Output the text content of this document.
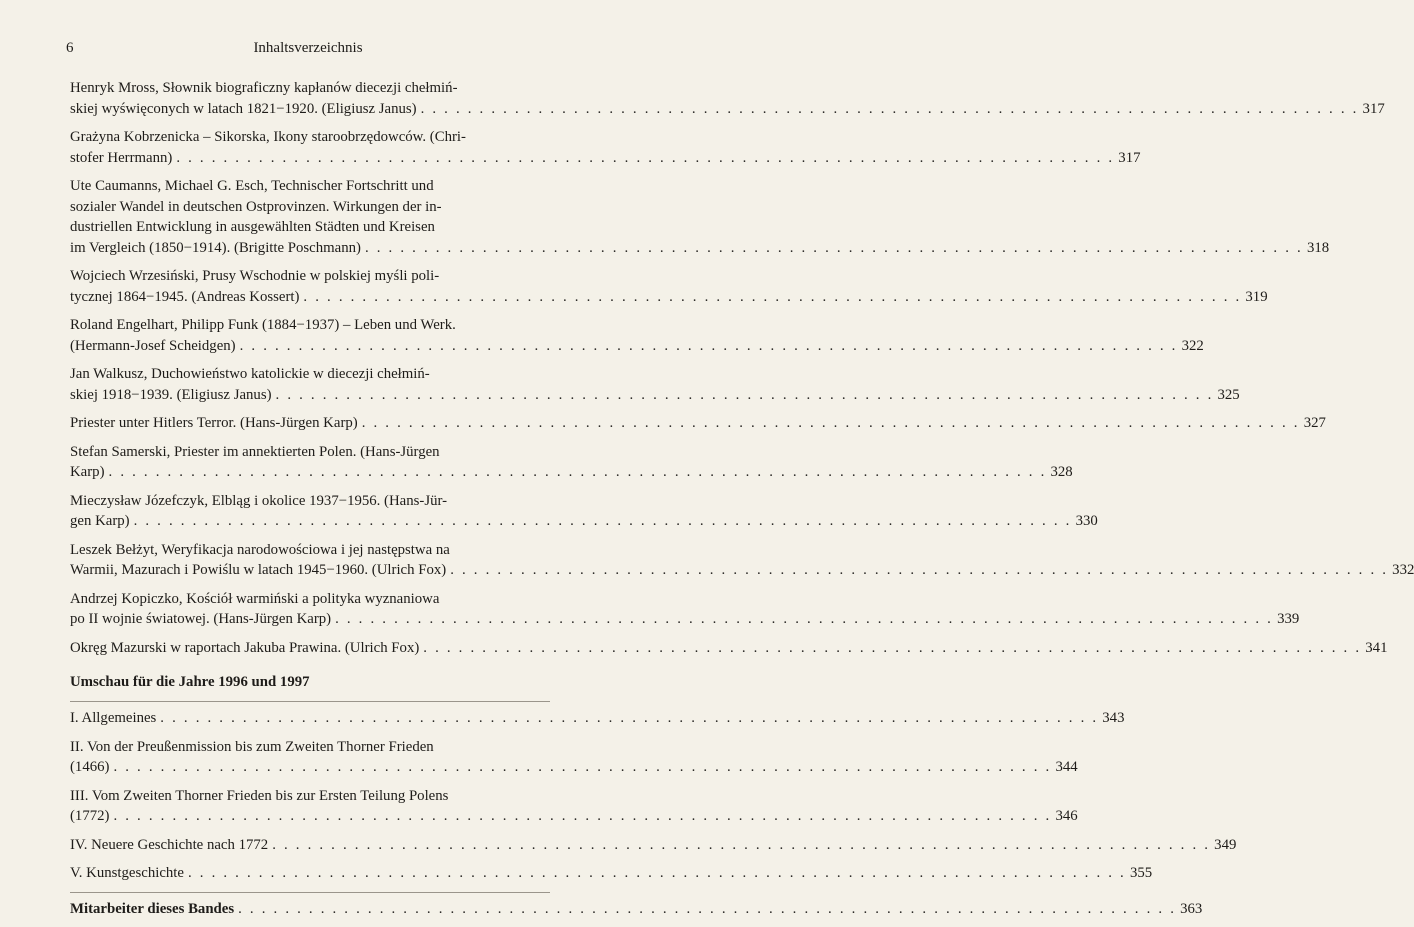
6	Inhaltsverzeichnis
Henryk Mross, Słownik biograficzny kapłanów diecezji chełmiń-
skiej wyświęconych w latach 1821−1920. (Eligiusz Janus) . . . . . . . . . . . . . . . . . . . . . . . . . . . . . . . . . . . . . . . . . . . . . . . . . . . . . . . . . . . . . . . . . . . . . . . . . . . . . . . . 317
Grażyna Kobrzenicka – Sikorska, Ikony staroobrzędowców. (Chri-
stofer Herrmann) . . . . . . . . . . . . . . . . . . . . . . . . . . . . . . . . . . . . . . . . . . . . . . . . . . . . . . . . . . . . . . . . . . . . . . . . . . . . . . . . 317
Ute Caumanns, Michael G. Esch, Technischer Fortschritt und
sozialer Wandel in deutschen Ostprovinzen. Wirkungen der in-
dustriellen Entwicklung in ausgewählten Städten und Kreisen
im Vergleich (1850−1914). (Brigitte Poschmann) . . . . . . . . . . . . . . . . . . . . . . . . . . . . . . . . . . . . . . . . . . . . . . . . . . . . . . . . . . . . . . . . . . . . . . . . . . . . . . . . 318
Wojciech Wrzesiński, Prusy Wschodnie w polskiej myśli poli-
tycznej 1864−1945. (Andreas Kossert) . . . . . . . . . . . . . . . . . . . . . . . . . . . . . . . . . . . . . . . . . . . . . . . . . . . . . . . . . . . . . . . . . . . . . . . . . . . . . . . . 319
Roland Engelhart, Philipp Funk (1884−1937) – Leben und Werk.
(Hermann-Josef Scheidgen) . . . . . . . . . . . . . . . . . . . . . . . . . . . . . . . . . . . . . . . . . . . . . . . . . . . . . . . . . . . . . . . . . . . . . . . . . . . . . . . . 322
Jan Walkusz, Duchowieństwo katolickie w diecezji chełmiń-
skiej 1918−1939. (Eligiusz Janus) . . . . . . . . . . . . . . . . . . . . . . . . . . . . . . . . . . . . . . . . . . . . . . . . . . . . . . . . . . . . . . . . . . . . . . . . . . . . . . . . 325
Priester unter Hitlers Terror. (Hans-Jürgen Karp) . . . . . . . . . . . . . . . . . . . . . . . . . . . . . . . . . . . . . . . . . . . . . . . . . . . . . . . . . . . . . . . . . . . . . . . . . . . . . . . . 327
Stefan Samerski, Priester im annektierten Polen. (Hans-Jürgen
Karp) . . . . . . . . . . . . . . . . . . . . . . . . . . . . . . . . . . . . . . . . . . . . . . . . . . . . . . . . . . . . . . . . . . . . . . . . . . . . . . . . 328
Mieczysław Józefczyk, Elbląg i okolice 1937−1956. (Hans-Jür-
gen Karp) . . . . . . . . . . . . . . . . . . . . . . . . . . . . . . . . . . . . . . . . . . . . . . . . . . . . . . . . . . . . . . . . . . . . . . . . . . . . . . . . 330
Leszek Bełżyt, Weryfikacja narodowościowa i jej następstwa na
Warmii, Mazurach i Powiślu w latach 1945−1960. (Ulrich Fox) . . . . . . . . . . . . . . . . . . . . . . . . . . . . . . . . . . . . . . . . . . . . . . . . . . . . . . . . . . . . . . . . . . . . . . . . . . . . . . . . 332
Andrzej Kopiczko, Kościół warmiński a polityka wyznaniowa
po II wojnie światowej. (Hans-Jürgen Karp) . . . . . . . . . . . . . . . . . . . . . . . . . . . . . . . . . . . . . . . . . . . . . . . . . . . . . . . . . . . . . . . . . . . . . . . . . . . . . . . . 339
Okręg Mazurski w raportach Jakuba Prawina. (Ulrich Fox) . . . . . . . . . . . . . . . . . . . . . . . . . . . . . . . . . . . . . . . . . . . . . . . . . . . . . . . . . . . . . . . . . . . . . . . . . . . . . . . . 341
Umschau für die Jahre 1996 und 1997
I. Allgemeines . . . . . . . . . . . . . . . . . . . . . . . . . . . . . . . . . . . . . . . . . . . . . . . . . . . . . . . . . . . . . . . . . . . . . . . . . . . . . . . . 343
II. Von der Preußenmission bis zum Zweiten Thorner Frieden
(1466) . . . . . . . . . . . . . . . . . . . . . . . . . . . . . . . . . . . . . . . . . . . . . . . . . . . . . . . . . . . . . . . . . . . . . . . . . . . . . . . . 344
III. Vom Zweiten Thorner Frieden bis zur Ersten Teilung Polens
(1772) . . . . . . . . . . . . . . . . . . . . . . . . . . . . . . . . . . . . . . . . . . . . . . . . . . . . . . . . . . . . . . . . . . . . . . . . . . . . . . . . 346
IV. Neuere Geschichte nach 1772 . . . . . . . . . . . . . . . . . . . . . . . . . . . . . . . . . . . . . . . . . . . . . . . . . . . . . . . . . . . . . . . . . . . . . . . . . . . . . . . . 349
V. Kunstgeschichte . . . . . . . . . . . . . . . . . . . . . . . . . . . . . . . . . . . . . . . . . . . . . . . . . . . . . . . . . . . . . . . . . . . . . . . . . . . . . . . . 355
Mitarbeiter dieses Bandes . . . . . . . . . . . . . . . . . . . . . . . . . . . . . . . . . . . . . . . . . . . . . . . . . . . . . . . . . . . . . . . . . . . . . . . . . . . . . . . . 363
